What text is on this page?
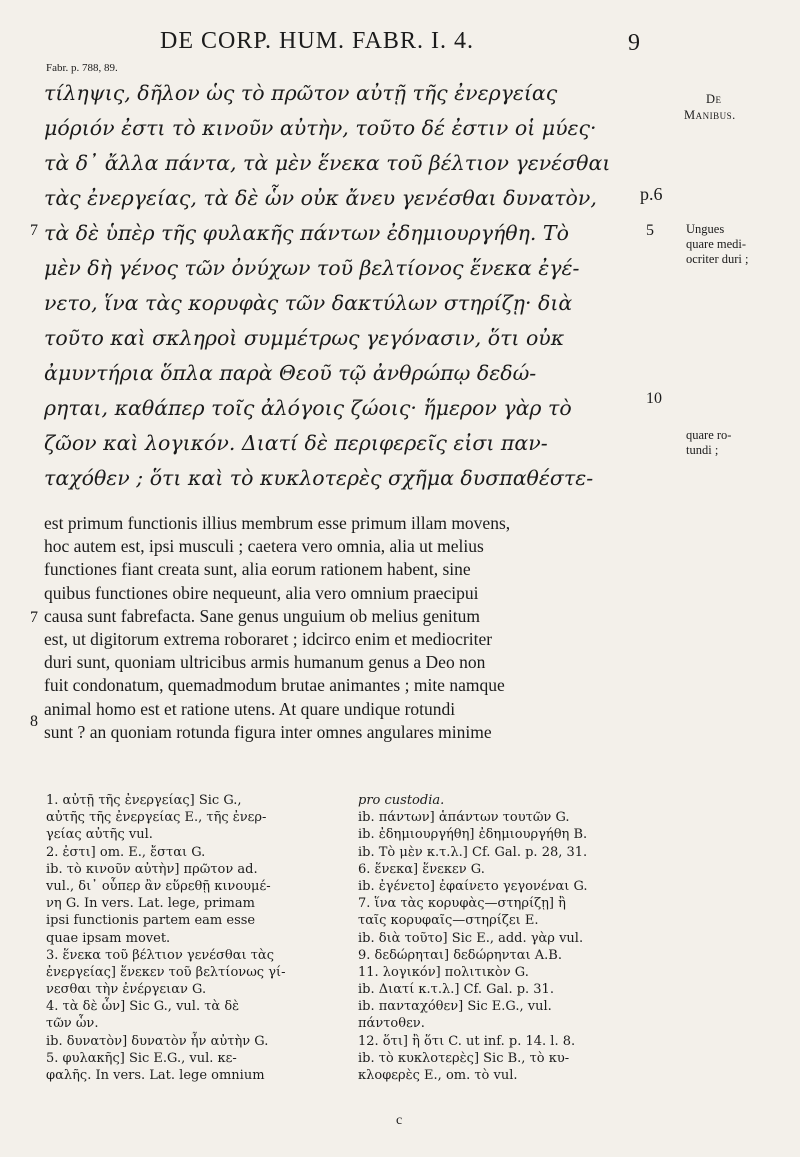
DE CORP. HUM. FABR. I. 4.	9
Fabr. p. 788, 89.
τίληψις, δῆλον ὡς τὸ πρῶτον αὐτῇ τῆς ἐνεργείας
μόριόν ἐστι τὸ κινοῦν αὐτὴν, τοῦτο δέ ἐστιν οἱ μύες·
τὰ δ᾽ ἄλλα πάντα, τὰ μὲν ἕνεκα τοῦ βέλτιον γενέσθαι
τὰς ἐνεργείας, τὰ δὲ ὧν οὐκ ἄνευ γενέσθαι δυνατὸν,
τὰ δὲ ὑπὲρ τῆς φυλακῆς πάντων ἐδημιουργήθη. Τὸ
μὲν δὴ γένος τῶν ὀνύχων τοῦ βελτίονος ἕνεκα ἐγέ-
νετο, ἵνα τὰς κορυφὰς τῶν δακτύλων στηρίζῃ· διὰ
τοῦτο καὶ σκληροὶ συμμέτρως γεγόνασιν, ὅτι οὐκ
ἀμυντήρια ὅπλα παρὰ Θεοῦ τῷ ἀνθρώπῳ δεδώ-
ρηται, καθάπερ τοῖς ἀλόγοις ζώοις· ἥμερον γὰρ τὸ
ζῶον καὶ λογικόν. Διατί δὲ περιφερεῖς εἰσι παν-
ταχόθεν ; ὅτι καὶ τὸ κυκλοτερὲς σχῆμα δυσπαθέστε-
p.6
7	5
10
De
Manibus.
Ungues
quare medi-
ocriter duri ;
quare ro-
tundi ;
est primum functionis illius membrum esse primum illam movens,
hoc autem est, ipsi musculi ; caetera vero omnia, alia ut melius
functiones fiant creata sunt, alia eorum rationem habent, sine
quibus functiones obire nequeunt, alia vero omnium praecipui
causa sunt fabrefacta. Sane genus unguium ob melius genitum
est, ut digitorum extrema roboraret ; idcirco enim et mediocriter
duri sunt, quoniam ultricibus armis humanum genus a Deo non
fuit condonatum, quemadmodum brutae animantes ; mite namque
animal homo est et ratione utens. At quare undique rotundi
sunt ? an quoniam rotunda figura inter omnes angulares minime
7
8
1. αὐτῇ τῆς ἐνεργείας] Sic G.,
αὐτῆς τῆς ἐνεργείας E., τῆς ἐνερ-
γείας αὐτῆς vul.
2. ἐστι] om. E., ἔσται G.
ib. τὸ κινοῦν αὐτὴν] πρῶτον ad.
vul., δι᾽ οὗπερ ἂν εὕρεθῇ κινουμέ-
νη G. In vers. Lat. lege, primam
ipsi functionis partem eam esse
quae ipsam movet.
3. ἕνεκα τοῦ βέλτιον γενέσθαι τὰς
ἐνεργείας] ἕνεκεν τοῦ βελτίονως γί-
νεσθαι τὴν ἐνέργειαν G.
4. τὰ δὲ ὧν] Sic G., vul. τὰ δὲ
τῶν ὧν.
ib. δυνατὸν] δυνατὸν ἦν αὐτὴν G.
5. φυλακῆς] Sic E.G., vul. κε-
φαλῆς. In vers. Lat. lege omnium
pro custodia.
ib. πάντων] ἁπάντων τουτῶν G.
ib. ἐδημιουργήθη] ἐδημιουργήθη B.
ib. Τὸ μὲν κ.τ.λ.] Cf. Gal. p. 28, 31.
6. ἕνεκα] ἕνεκεν G.
ib. ἐγένετο] ἐφαίνετο γεγονέναι G.
7. ἵνα τὰς κορυφὰς—στηρίζῃ] ἢ
ταῖς κορυφαῖς—στηρίζει E.
ib. διὰ τοῦτο] Sic E., add. γὰρ vul.
9. δεδώρηται] δεδώρηνται A.B.
11. λογικόν] πολιτικὸν G.
ib. Διατί κ.τ.λ.] Cf. Gal. p. 31.
ib. πανταχόθεν] Sic E.G., vul.
πάντοθεν.
12. ὅτι] ἢ ὅτι C. ut inf. p. 14. l. 8.
ib. τὸ κυκλοτερὲς] Sic B., τὸ κυ-
κλοφερὲς E., om. τὸ vul.
c
